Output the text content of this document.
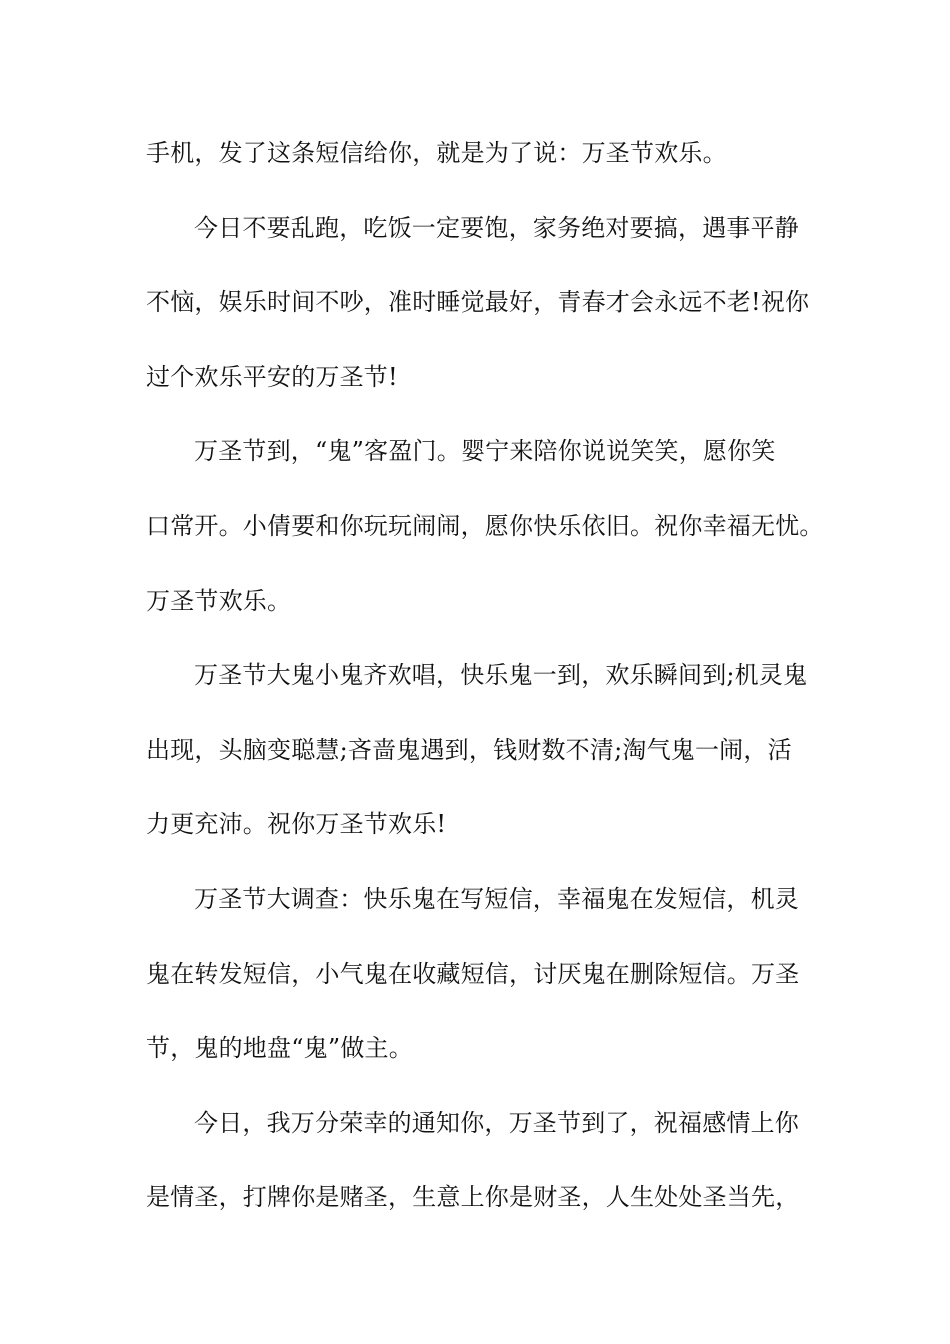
手机，发了这条短信给你，就是为了说：万圣节欢乐。
今日不要乱跑，吃饭一定要饱，家务绝对要搞，遇事平静
不恼，娱乐时间不吵，准时睡觉最好，青春才会永远不老!祝你
过个欢乐平安的万圣节!
万圣节到，“鬼”客盈门。婴宁来陪你说说笑笑，愿你笑
口常开。小倩要和你玩玩闹闹，愿你快乐依旧。祝你幸福无忧。
万圣节欢乐。
万圣节大鬼小鬼齐欢唱，快乐鬼一到，欢乐瞬间到;机灵鬼
出现，头脑变聪慧;吝啬鬼遇到，钱财数不清;淘气鬼一闹，活
力更充沛。祝你万圣节欢乐!
万圣节大调查：快乐鬼在写短信，幸福鬼在发短信，机灵
鬼在转发短信，小气鬼在收藏短信，讨厌鬼在删除短信。万圣
节，鬼的地盘“鬼”做主。
今日，我万分荣幸的通知你，万圣节到了，祝福感情上你
是情圣，打牌你是赌圣，生意上你是财圣，人生处处圣当先，
